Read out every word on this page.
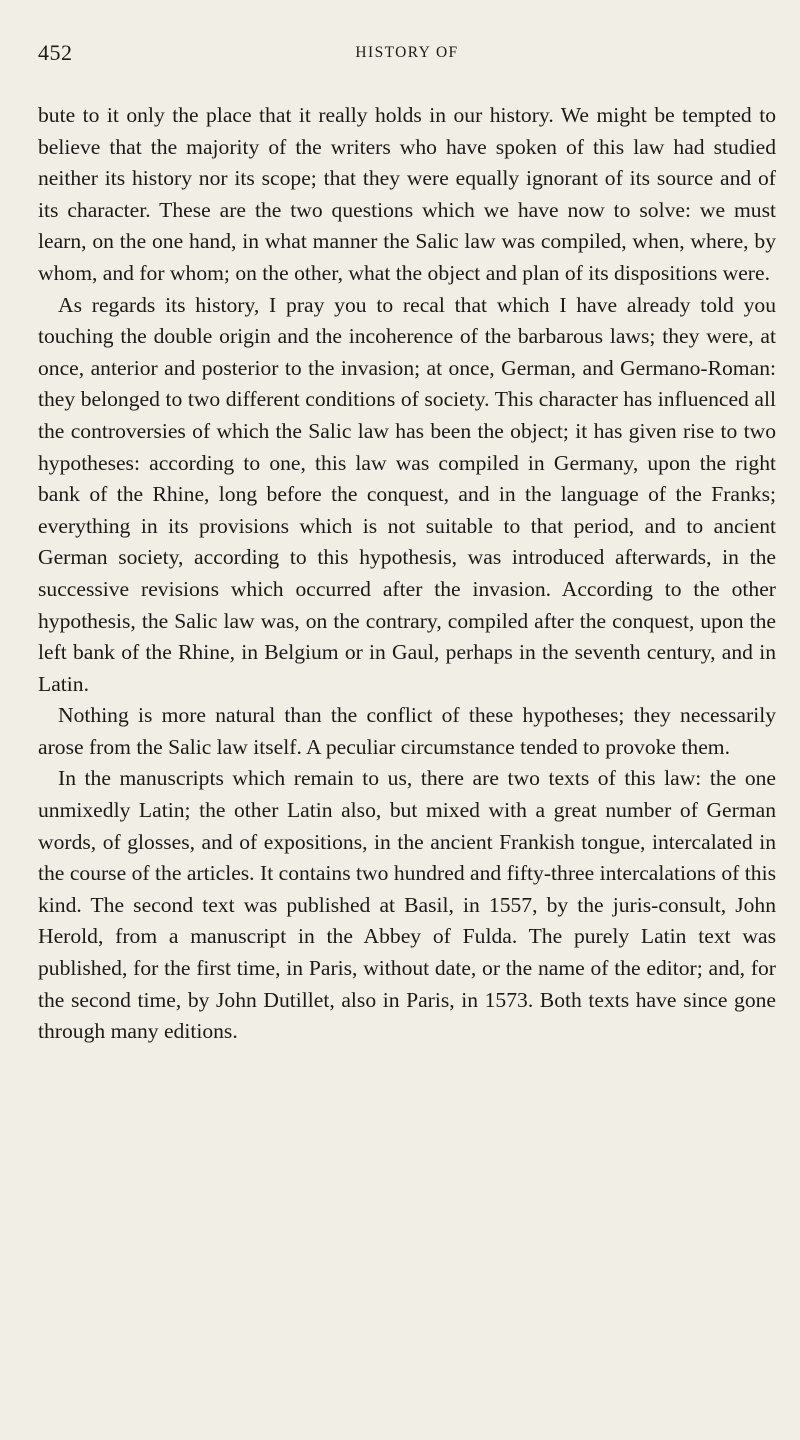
452	HISTORY OF

bute to it only the place that it really holds in our history. We might be tempted to believe that the majority of the writers who have spoken of this law had studied neither its history nor its scope; that they were equally ignorant of its source and of its character. These are the two questions which we have now to solve: we must learn, on the one hand, in what manner the Salic law was compiled, when, where, by whom, and for whom; on the other, what the object and plan of its dispositions were.

As regards its history, I pray you to recal that which I have already told you touching the double origin and the incoherence of the barbarous laws; they were, at once, anterior and posterior to the invasion; at once, German, and Germano-Roman: they belonged to two different conditions of society. This character has influenced all the controversies of which the Salic law has been the object; it has given rise to two hypotheses: according to one, this law was compiled in Germany, upon the right bank of the Rhine, long before the conquest, and in the language of the Franks; everything in its provisions which is not suitable to that period, and to ancient German society, according to this hypothesis, was introduced afterwards, in the successive revisions which occurred after the invasion. According to the other hypothesis, the Salic law was, on the contrary, compiled after the conquest, upon the left bank of the Rhine, in Belgium or in Gaul, perhaps in the seventh century, and in Latin.

Nothing is more natural than the conflict of these hypotheses; they necessarily arose from the Salic law itself. A peculiar circumstance tended to provoke them.

In the manuscripts which remain to us, there are two texts of this law: the one unmixedly Latin; the other Latin also, but mixed with a great number of German words, of glosses, and of expositions, in the ancient Frankish tongue, intercalated in the course of the articles. It contains two hundred and fifty-three intercalations of this kind. The second text was published at Basil, in 1557, by the juris-consult, John Herold, from a manuscript in the Abbey of Fulda. The purely Latin text was published, for the first time, in Paris, without date, or the name of the editor; and, for the second time, by John Dutillet, also in Paris, in 1573. Both texts have since gone through many editions.
